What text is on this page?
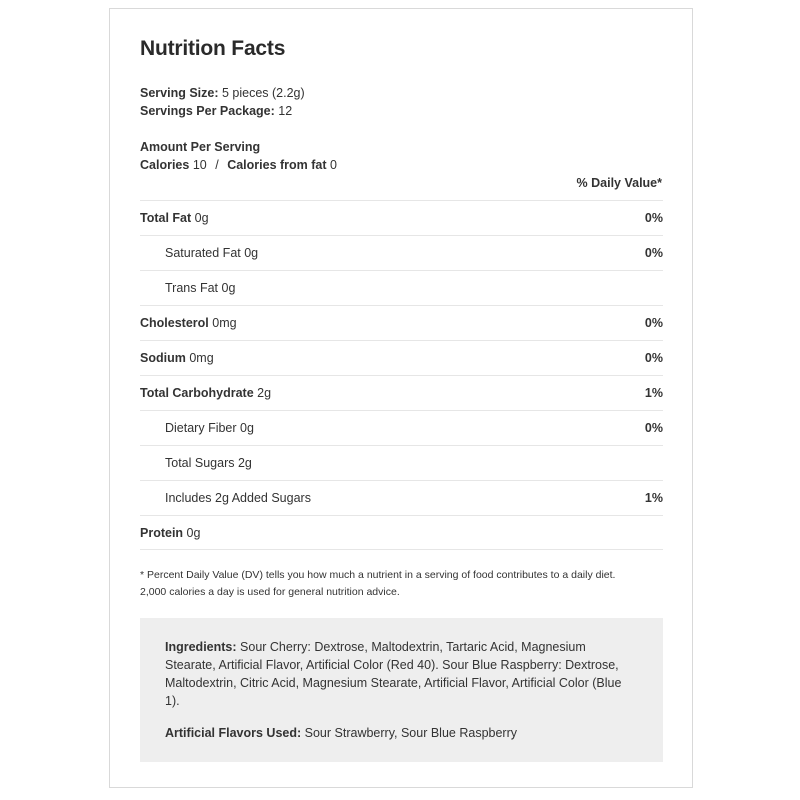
Nutrition Facts
Serving Size: 5 pieces (2.2g)
Servings Per Package: 12
Amount Per Serving
Calories 10 / Calories from fat 0
% Daily Value*
Total Fat 0g	0%
Saturated Fat 0g	0%
Trans Fat 0g
Cholesterol 0mg	0%
Sodium 0mg	0%
Total Carbohydrate 2g	1%
Dietary Fiber 0g	0%
Total Sugars 2g
Includes 2g Added Sugars	1%
Protein 0g
* Percent Daily Value (DV) tells you how much a nutrient in a serving of food contributes to a daily diet.
2,000 calories a day is used for general nutrition advice.
Ingredients: Sour Cherry: Dextrose, Maltodextrin, Tartaric Acid, Magnesium Stearate, Artificial Flavor, Artificial Color (Red 40). Sour Blue Raspberry: Dextrose, Maltodextrin, Citric Acid, Magnesium Stearate, Artificial Flavor, Artificial Color (Blue 1).
Artificial Flavors Used: Sour Strawberry, Sour Blue Raspberry
